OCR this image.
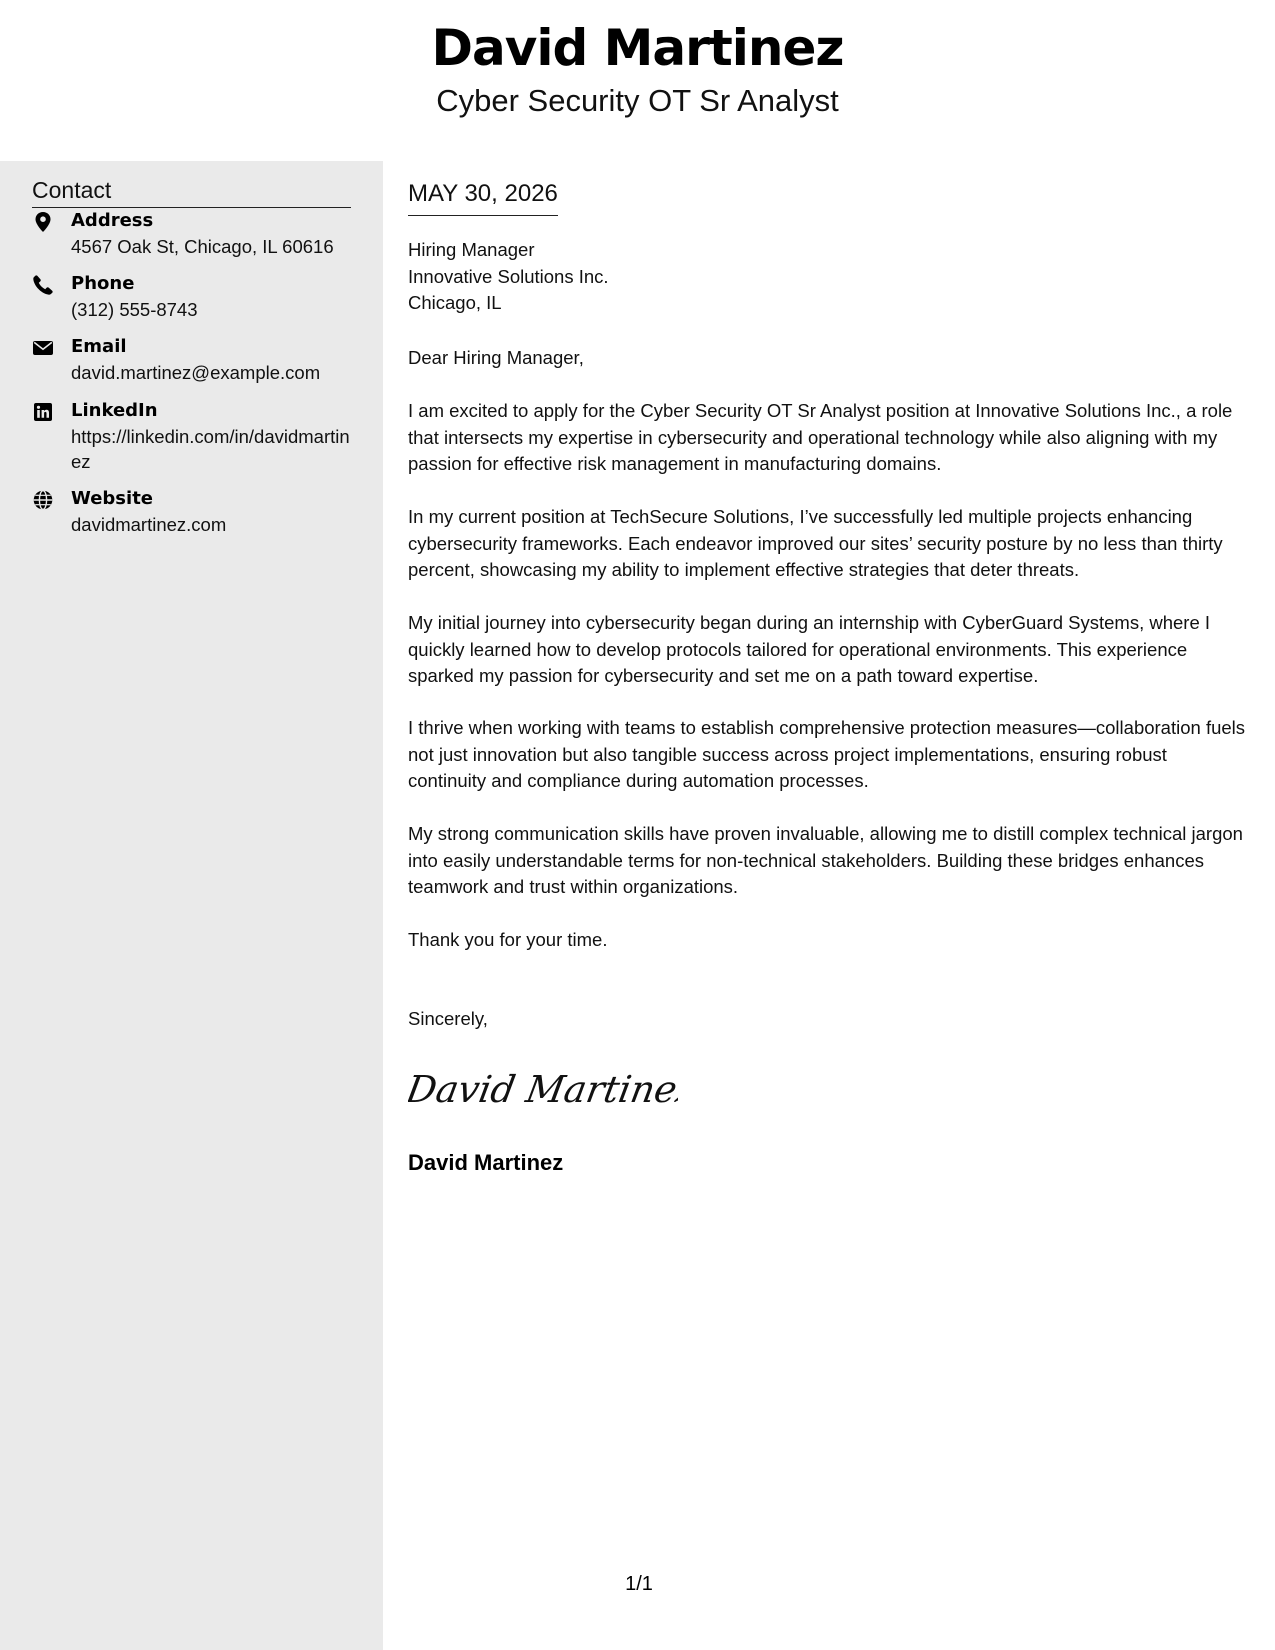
David Martinez
Cyber Security OT Sr Analyst
Contact
Address
4567 Oak St, Chicago, IL 60616
Phone
(312) 555-8743
Email
david.martinez@example.com
LinkedIn
https://linkedin.com/in/davidmartinez
Website
davidmartinez.com
MAY 30, 2026
Hiring Manager
Innovative Solutions Inc.
Chicago, IL
Dear Hiring Manager,

I am excited to apply for the Cyber Security OT Sr Analyst position at Innovative Solutions Inc., a role that intersects my expertise in cybersecurity and operational technology while also aligning with my passion for effective risk management in manufacturing domains.

In my current position at TechSecure Solutions, I’ve successfully led multiple projects enhancing cybersecurity frameworks. Each endeavor improved our sites’ security posture by no less than thirty percent, showcasing my ability to implement effective strategies that deter threats.

My initial journey into cybersecurity began during an internship with CyberGuard Systems, where I quickly learned how to develop protocols tailored for operational environments. This experience sparked my passion for cybersecurity and set me on a path toward expertise.

I thrive when working with teams to establish comprehensive protection measures—collaboration fuels not just innovation but also tangible success across project implementations, ensuring robust continuity and compliance during automation processes.

My strong communication skills have proven invaluable, allowing me to distill complex technical jargon into easily understandable terms for non-technical stakeholders. Building these bridges enhances teamwork and trust within organizations.

Thank you for your time.

Sincerely,
David Martinez
David Martinez
1/1
